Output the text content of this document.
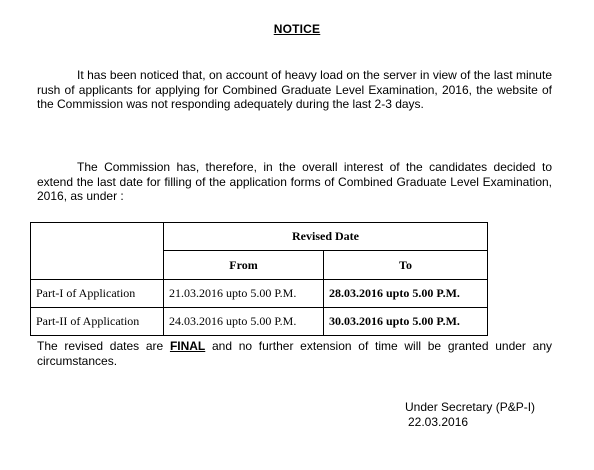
NOTICE

It has been noticed that, on account of heavy load on the server in view of the last minute rush of applicants for applying for Combined Graduate Level Examination, 2016, the website of the Commission was not responding adequately during the last 2-3 days.

The Commission has, therefore, in the overall interest of the candidates decided to extend the last date for filling of the application forms of Combined Graduate Level Examination, 2016, as under :

	Revised Date	
	From	To
Part-I of Application	21.03.2016 upto 5.00 P.M.	28.03.2016 upto 5.00 P.M.
Part-II of Application	24.03.2016 upto 5.00 P.M.	30.03.2016 upto 5.00 P.M.

The revised dates are FINAL and no further extension of time will be granted under any circumstances.

Under Secretary (P&P-I)
22.03.2016
